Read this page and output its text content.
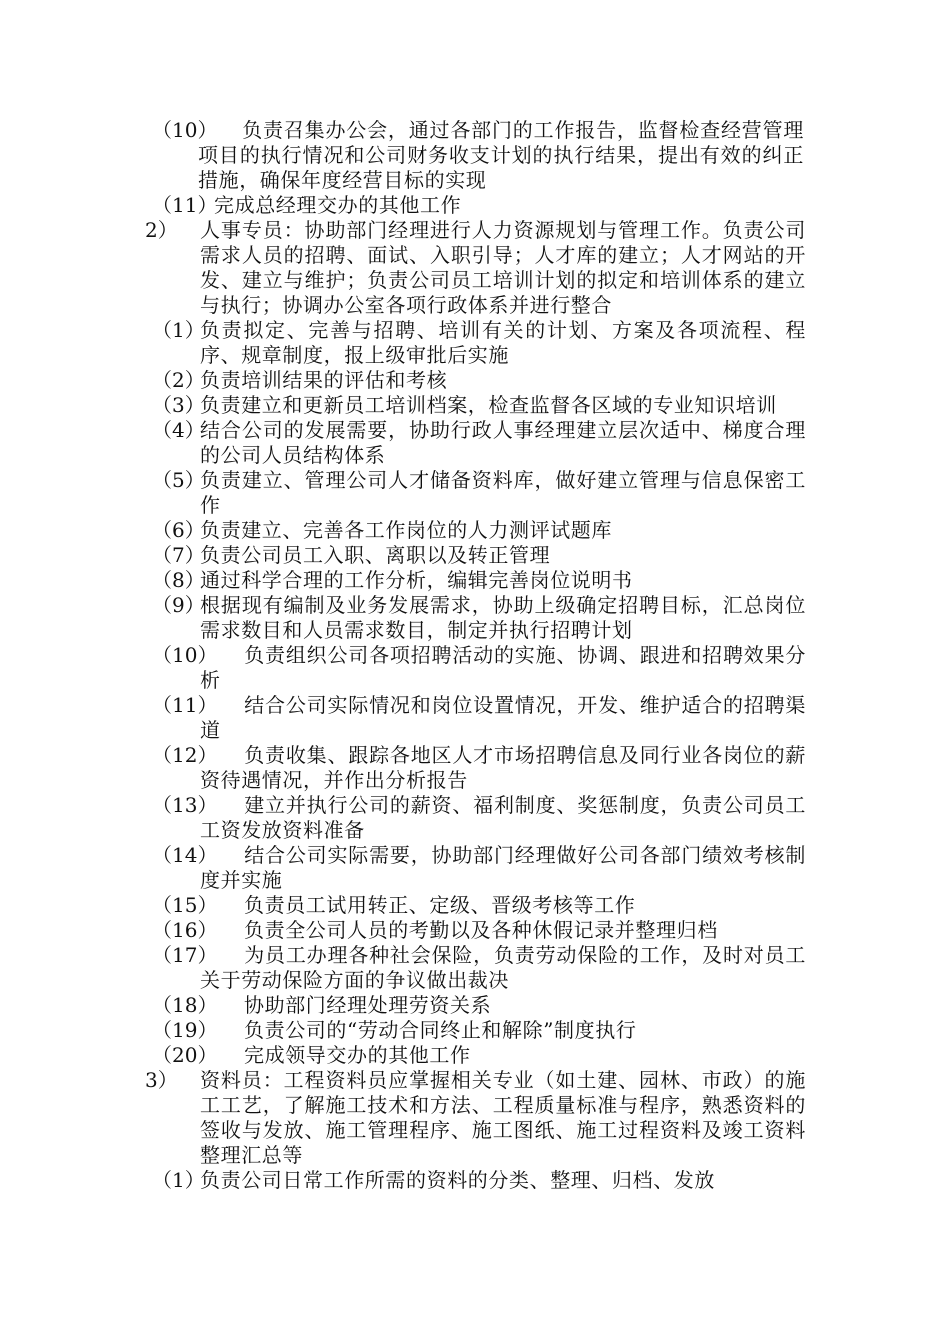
（10）	负责召集办公会，通过各部门的工作报告，监督检查经营管理项目的执行情况和公司财务收支计划的执行结果，提出有效的纠正措施，确保年度经营目标的实现
（11）
完成总经理交办的其他工作
2）	人事专员：协助部门经理进行人力资源规划与管理工作。负责公司需求人员的招聘、面试、入职引导；人才库的建立；人才网站的开发、建立与维护；负责公司员工培训计划的拟定和培训体系的建立与执行；协调办公室各项行政体系并进行整合
（1）
负责拟定、完善与招聘、培训有关的计划、方案及各项流程、程序、规章制度，报上级审批后实施
（2）
负责培训结果的评估和考核
（3）
负责建立和更新员工培训档案，检查监督各区域的专业知识培训
（4）
结合公司的发展需要，协助行政人事经理建立层次适中、梯度合理的公司人员结构体系
（5）
负责建立、管理公司人才储备资料库，做好建立管理与信息保密工作
（6）
负责建立、完善各工作岗位的人力测评试题库
（7）
负责公司员工入职、离职以及转正管理
（8）
通过科学合理的工作分析，编辑完善岗位说明书
（9）
根据现有编制及业务发展需求，协助上级确定招聘目标，汇总岗位需求数目和人员需求数目，制定并执行招聘计划
（10）	负责组织公司各项招聘活动的实施、协调、跟进和招聘效果分析
（11）	结合公司实际情况和岗位设置情况，开发、维护适合的招聘渠道
（12）	负责收集、跟踪各地区人才市场招聘信息及同行业各岗位的薪资待遇情况，并作出分析报告
（13）	建立并执行公司的薪资、福利制度、奖惩制度，负责公司员工工资发放资料准备
（14）	结合公司实际需要，协助部门经理做好公司各部门绩效考核制度并实施
（15）	负责员工试用转正、定级、晋级考核等工作
（16）	负责全公司人员的考勤以及各种休假记录并整理归档
（17）	为员工办理各种社会保险，负责劳动保险的工作，及时对员工关于劳动保险方面的争议做出裁决
（18）	协助部门经理处理劳资关系
（19）	负责公司的“劳动合同终止和解除”制度执行
（20）	完成领导交办的其他工作
3）	资料员：工程资料员应掌握相关专业（如土建、园林、市政）的施工工艺，了解施工技术和方法、工程质量标准与程序，熟悉资料的签收与发放、施工管理程序、施工图纸、施工过程资料及竣工资料整理汇总等
（1）
负责公司日常工作所需的资料的分类、整理、归档、发放
